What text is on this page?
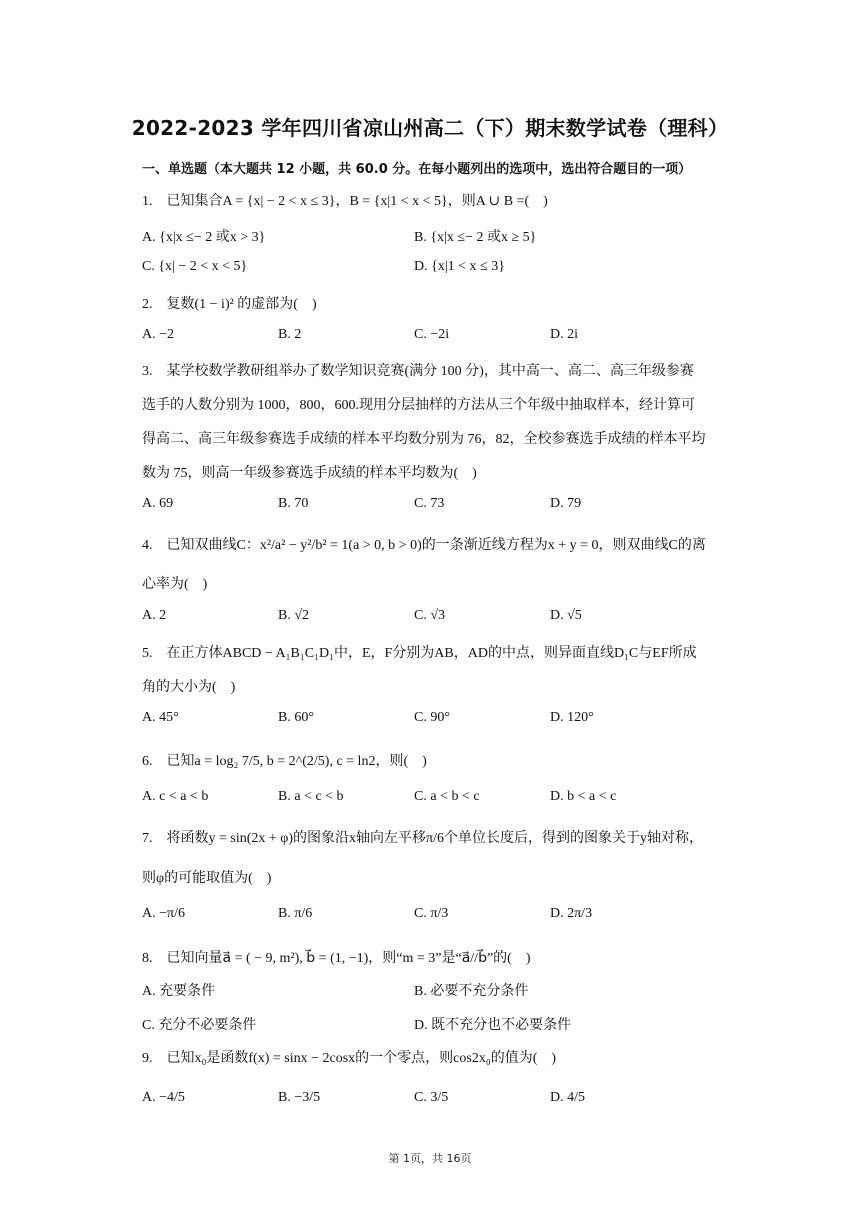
2022-2023 学年四川省凉山州高二（下）期末数学试卷（理科）
一、单选题（本大题共 12 小题，共 60.0 分。在每小题列出的选项中，选出符合题目的一项）
1.　已知集合A = {x| − 2 < x ≤ 3}，B = {x|1 < x < 5}，则A ∪ B =(　)
A. {x|x ≤− 2 或x > 3}	B. {x|x ≤− 2 或x ≥ 5}
C. {x| − 2 < x < 5}	D. {x|1 < x ≤ 3}
2.　复数(1 − i)² 的虚部为(　)
A. −2	B. 2	C. −2i	D. 2i
3.　某学校数学教研组举办了数学知识竞赛(满分 100 分)，其中高一、高二、高三年级参赛
选手的人数分别为 1000，800，600.现用分层抽样的方法从三个年级中抽取样本，经计算可
得高二、高三年级参赛选手成绩的样本平均数分别为 76，82，全校参赛选手成绩的样本平均
数为 75，则高一年级参赛选手成绩的样本平均数为(　)
A. 69	B. 70	C. 73	D. 79
4.　已知双曲线C：x²/a² − y²/b² = 1(a > 0, b > 0)的一条渐近线方程为x + y = 0，则双曲线C的离
心率为(　)
A. 2	B. √2	C. √3	D. √5
5.　在正方体ABCD − A₁B₁C₁D₁中，E，F分别为AB，AD的中点，则异面直线D₁C与EF所成
角的大小为(　)
A. 45°	B. 60°	C. 90°	D. 120°
6.　已知a = log₂ 7/5, b = 2^(2/5), c = ln2，则(　)
A. c < a < b	B. a < c < b	C. a < b < c	D. b < a < c
7.　将函数y = sin(2x + φ)的图象沿x轴向左平移π/6个单位长度后，得到的图象关于y轴对称，
则φ的可能取值为(　)
A. −π/6	B. π/6	C. π/3	D. 2π/3
8.　已知向量a⃗ = ( − 9, m²), b⃗ = (1, −1)，则“m = 3”是“a⃗//b⃗”的(　)
A. 充要条件	B. 必要不充分条件
C. 充分不必要条件	D. 既不充分也不必要条件
9.　已知x₀是函数f(x) = sinx − 2cosx的一个零点，则cos2x₀的值为(　)
A. −4/5	B. −3/5	C. 3/5	D. 4/5
第 1页，共 16页
